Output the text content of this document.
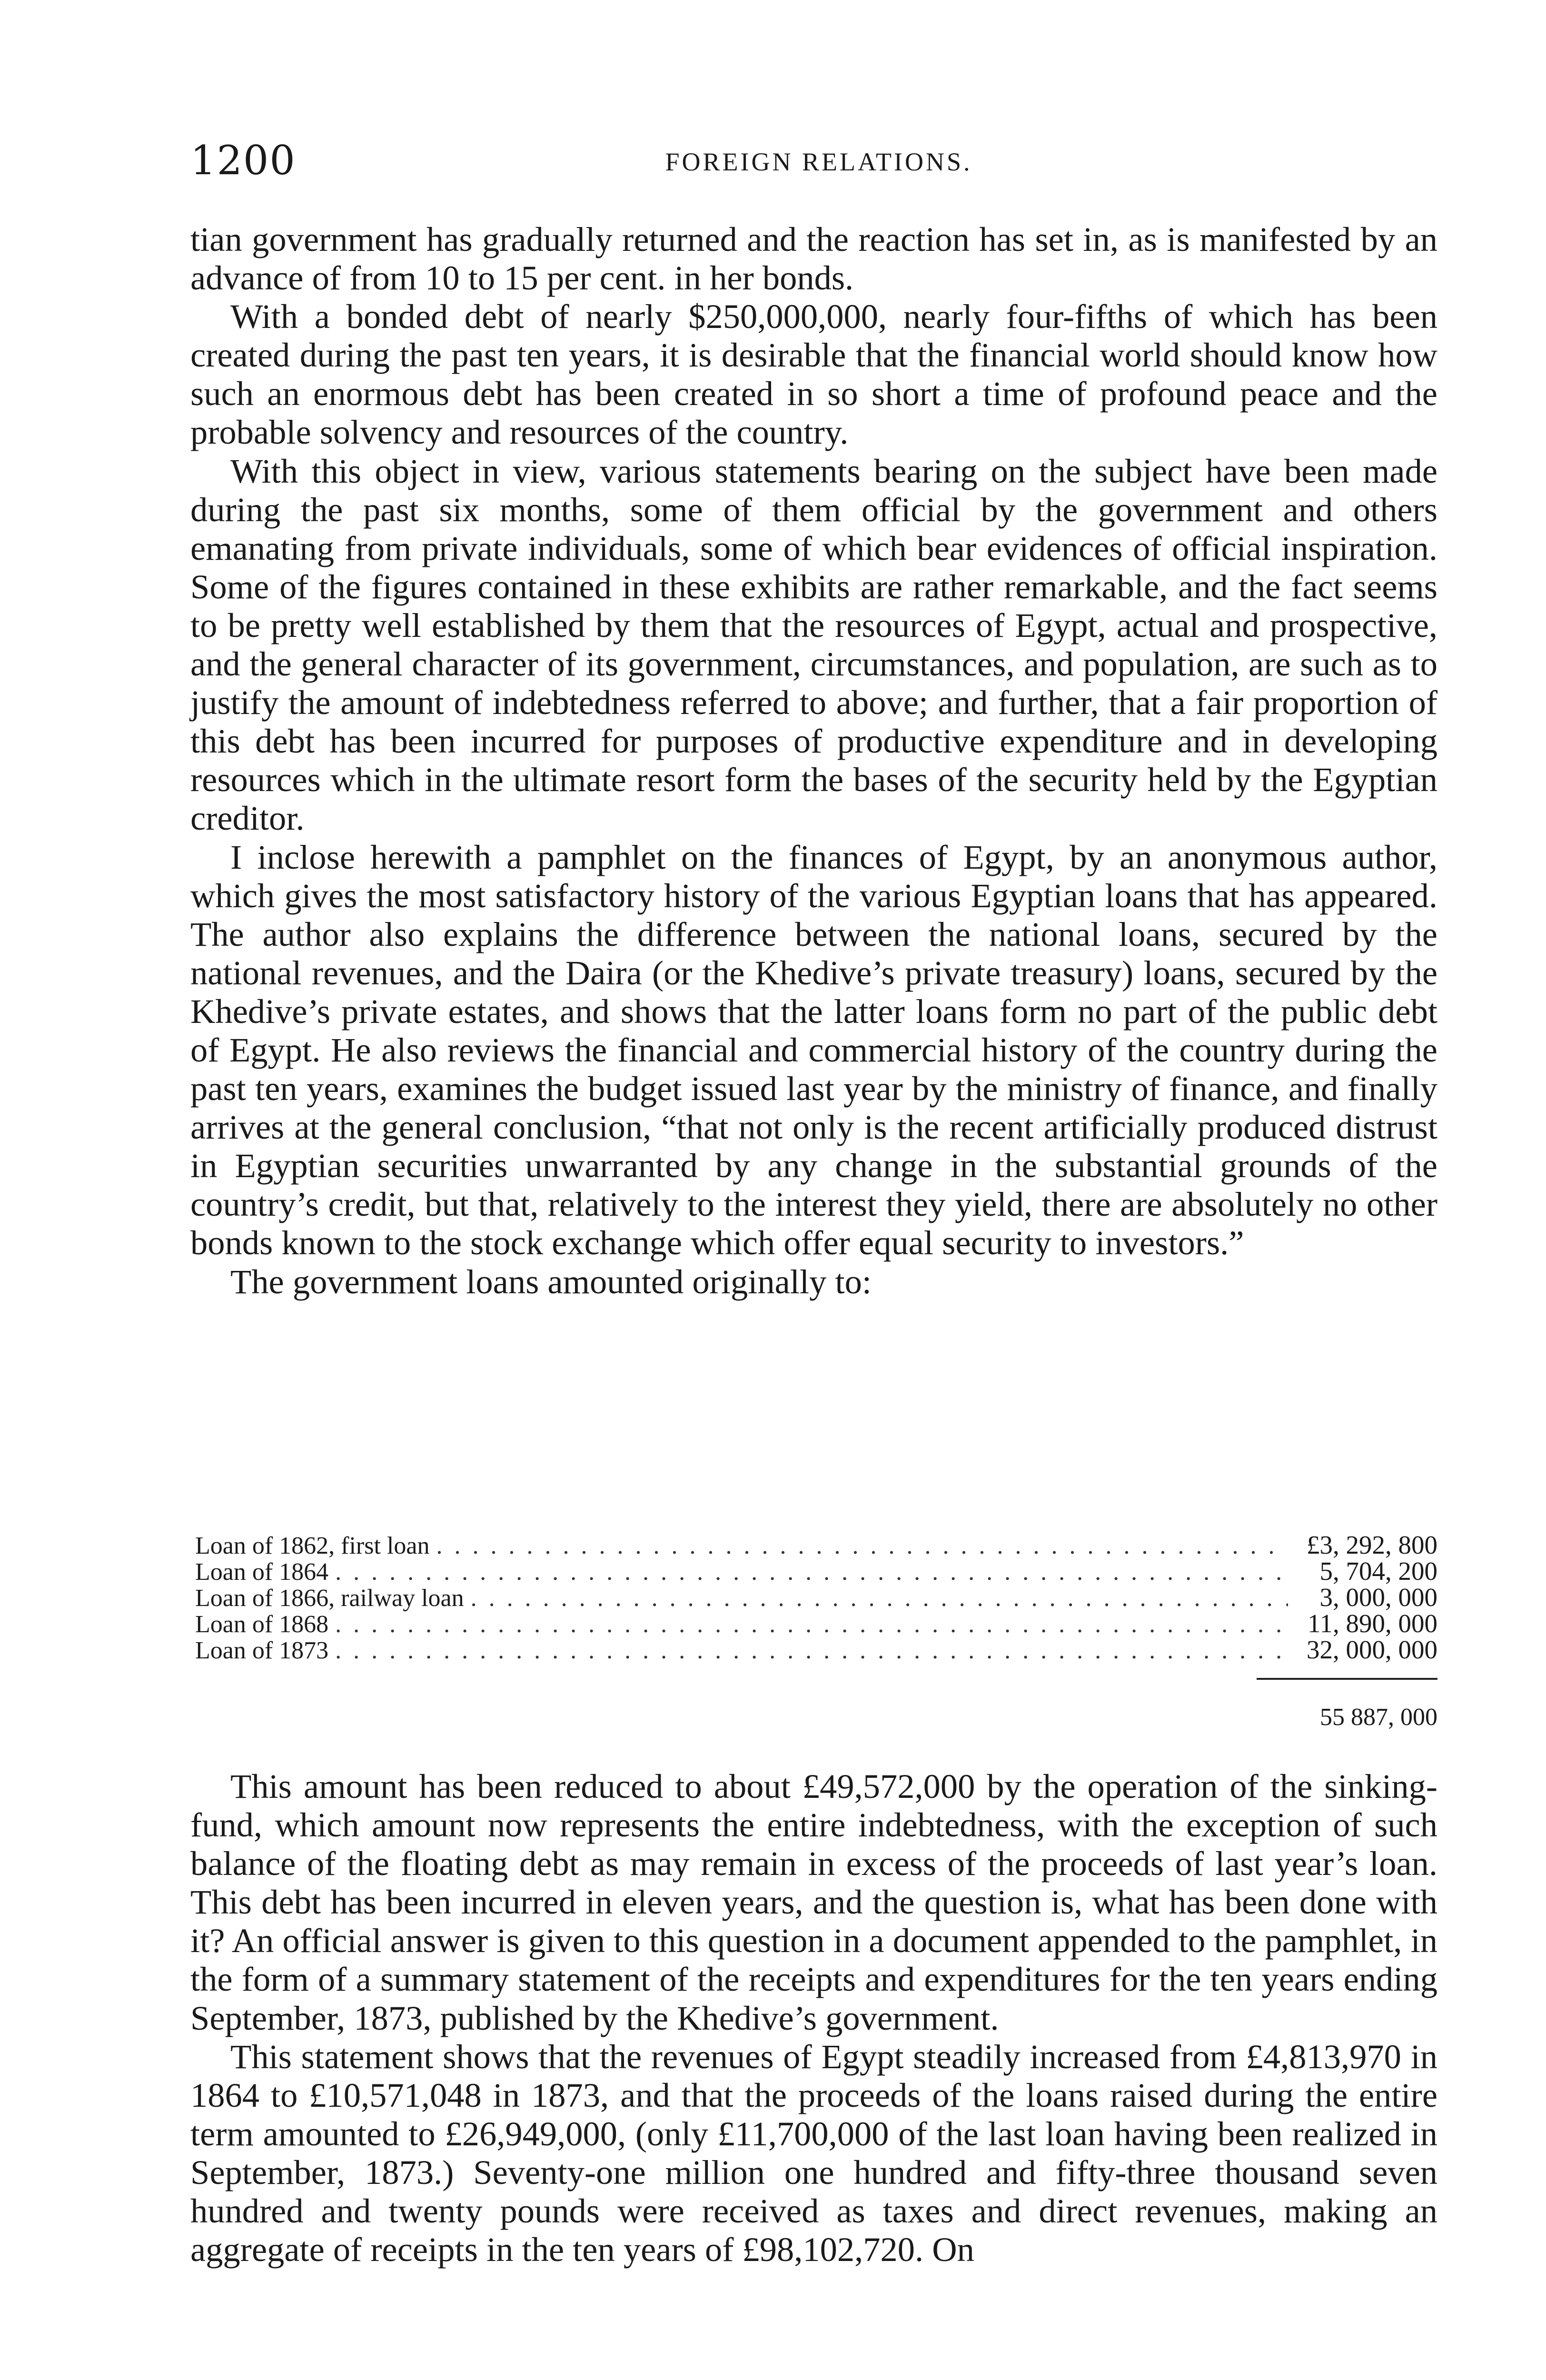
1200	FOREIGN RELATIONS.

tian government has gradually returned and the reaction has set in, as is manifested by an advance of from 10 to 15 per cent. in her bonds.

With a bonded debt of nearly $250,000,000, nearly four-fifths of which has been created during the past ten years, it is desirable that the financial world should know how such an enormous debt has been created in so short a time of profound peace and the probable solvency and resources of the country.

With this object in view, various statements bearing on the subject have been made during the past six months, some of them official by the government and others emanating from private individuals, some of which bear evidences of official inspiration. Some of the figures contained in these exhibits are rather remarkable, and the fact seems to be pretty well established by them that the resources of Egypt, actual and prospective, and the general character of its government, circumstances, and population, are such as to justify the amount of indebtedness referred to above; and further, that a fair proportion of this debt has been incurred for purposes of productive expenditure and in developing resources which in the ultimate resort form the bases of the security held by the Egyptian creditor.

I inclose herewith a pamphlet on the finances of Egypt, by an anonymous author, which gives the most satisfactory history of the various Egyptian loans that has appeared. The author also explains the difference between the national loans, secured by the national revenues, and the Daira (or the Khedive’s private treasury) loans, secured by the Khedive’s private estates, and shows that the latter loans form no part of the public debt of Egypt. He also reviews the financial and commercial history of the country during the past ten years, examines the budget issued last year by the ministry of finance, and finally arrives at the general conclusion, “that not only is the recent artificially produced distrust in Egyptian securities unwarranted by any change in the substantial grounds of the country’s credit, but that, relatively to the interest they yield, there are absolutely no other bonds known to the stock exchange which offer equal security to investors.”

The government loans amounted originally to:

Loan of 1862, first loan . . .	£3, 292, 800
Loan of 1864 . . .	5, 704, 200
Loan of 1866, railway loan . . .	3, 000, 000
Loan of 1868 . . .	11, 890, 000
Loan of 1873 . . .	32, 000, 000
55 887, 000

This amount has been reduced to about £49,572,000 by the operation of the sinking-fund, which amount now represents the entire indebtedness, with the exception of such balance of the floating debt as may remain in excess of the proceeds of last year’s loan. This debt has been incurred in eleven years, and the question is, what has been done with it? An official answer is given to this question in a document appended to the pamphlet, in the form of a summary statement of the receipts and expenditures for the ten years ending September, 1873, published by the Khedive’s government.

This statement shows that the revenues of Egypt steadily increased from £4,813,970 in 1864 to £10,571,048 in 1873, and that the proceeds of the loans raised during the entire term amounted to £26,949,000, (only £11,700,000 of the last loan having been realized in September, 1873.) Seventy-one million one hundred and fifty-three thousand seven hundred and twenty pounds were received as taxes and direct revenues, making an aggregate of receipts in the ten years of £98,102,720. On
